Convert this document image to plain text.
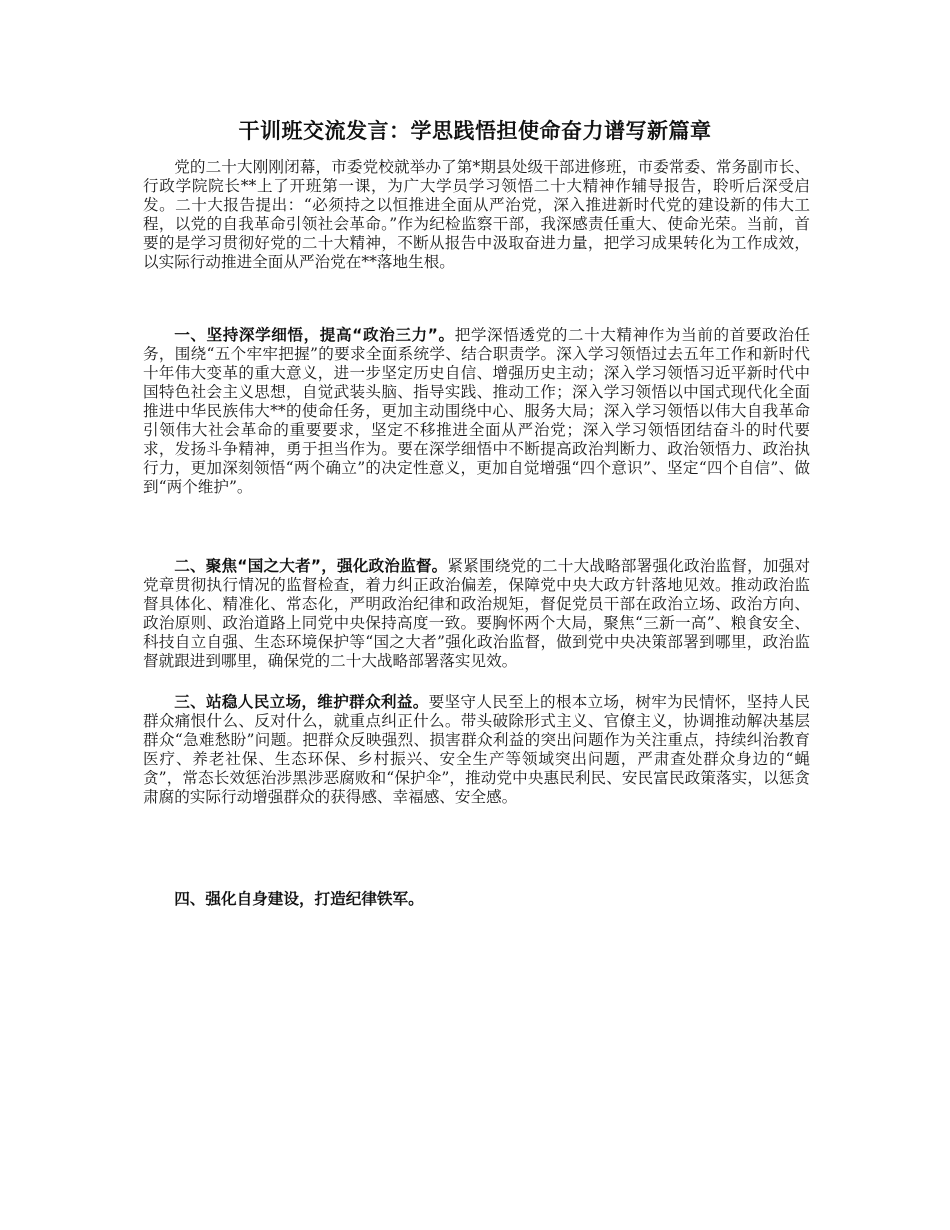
干训班交流发言：学思践悟担使命奋力谱写新篇章

党的二十大刚刚闭幕，市委党校就举办了第*期县处级干部进修班，市委常委、常务副市长、行政学院院长**上了开班第一课，为广大学员学习领悟二十大精神作辅导报告，聆听后深受启发。二十大报告提出：“必须持之以恒推进全面从严治党，深入推进新时代党的建设新的伟大工程，以党的自我革命引领社会革命。”作为纪检监察干部，我深感责任重大、使命光荣。当前，首要的是学习贯彻好党的二十大精神，不断从报告中汲取奋进力量，把学习成果转化为工作成效，以实际行动推进全面从严治党在**落地生根。

一、坚持深学细悟，提高“政治三力”。把学深悟透党的二十大精神作为当前的首要政治任务，围绕“五个牢牢把握”的要求全面系统学、结合职责学。深入学习领悟过去五年工作和新时代十年伟大变革的重大意义，进一步坚定历史自信、增强历史主动；深入学习领悟习近平新时代中国特色社会主义思想，自觉武装头脑、指导实践、推动工作；深入学习领悟以中国式现代化全面推进中华民族伟大**的使命任务，更加主动围绕中心、服务大局；深入学习领悟以伟大自我革命引领伟大社会革命的重要要求，坚定不移推进全面从严治党；深入学习领悟团结奋斗的时代要求，发扬斗争精神，勇于担当作为。要在深学细悟中不断提高政治判断力、政治领悟力、政治执行力，更加深刻领悟“两个确立”的决定性意义，更加自觉增强“四个意识”、坚定“四个自信”、做到“两个维护”。

二、聚焦“国之大者”，强化政治监督。紧紧围绕党的二十大战略部署强化政治监督，加强对党章贯彻执行情况的监督检查，着力纠正政治偏差，保障党中央大政方针落地见效。推动政治监督具体化、精准化、常态化，严明政治纪律和政治规矩，督促党员干部在政治立场、政治方向、政治原则、政治道路上同党中央保持高度一致。要胸怀两个大局，聚焦“三新一高”、粮食安全、科技自立自强、生态环境保护等“国之大者”强化政治监督，做到党中央决策部署到哪里，政治监督就跟进到哪里，确保党的二十大战略部署落实见效。

三、站稳人民立场，维护群众利益。要坚守人民至上的根本立场，树牢为民情怀，坚持人民群众痛恨什么、反对什么，就重点纠正什么。带头破除形式主义、官僚主义，协调推动解决基层群众“急难愁盼”问题。把群众反映强烈、损害群众利益的突出问题作为关注重点，持续纠治教育医疗、养老社保、生态环保、乡村振兴、安全生产等领域突出问题，严肃查处群众身边的“蝇贪”，常态长效惩治涉黑涉恶腐败和“保护伞”，推动党中央惠民利民、安民富民政策落实，以惩贪肃腐的实际行动增强群众的获得感、幸福感、安全感。

四、强化自身建设，打造纪律铁军。
